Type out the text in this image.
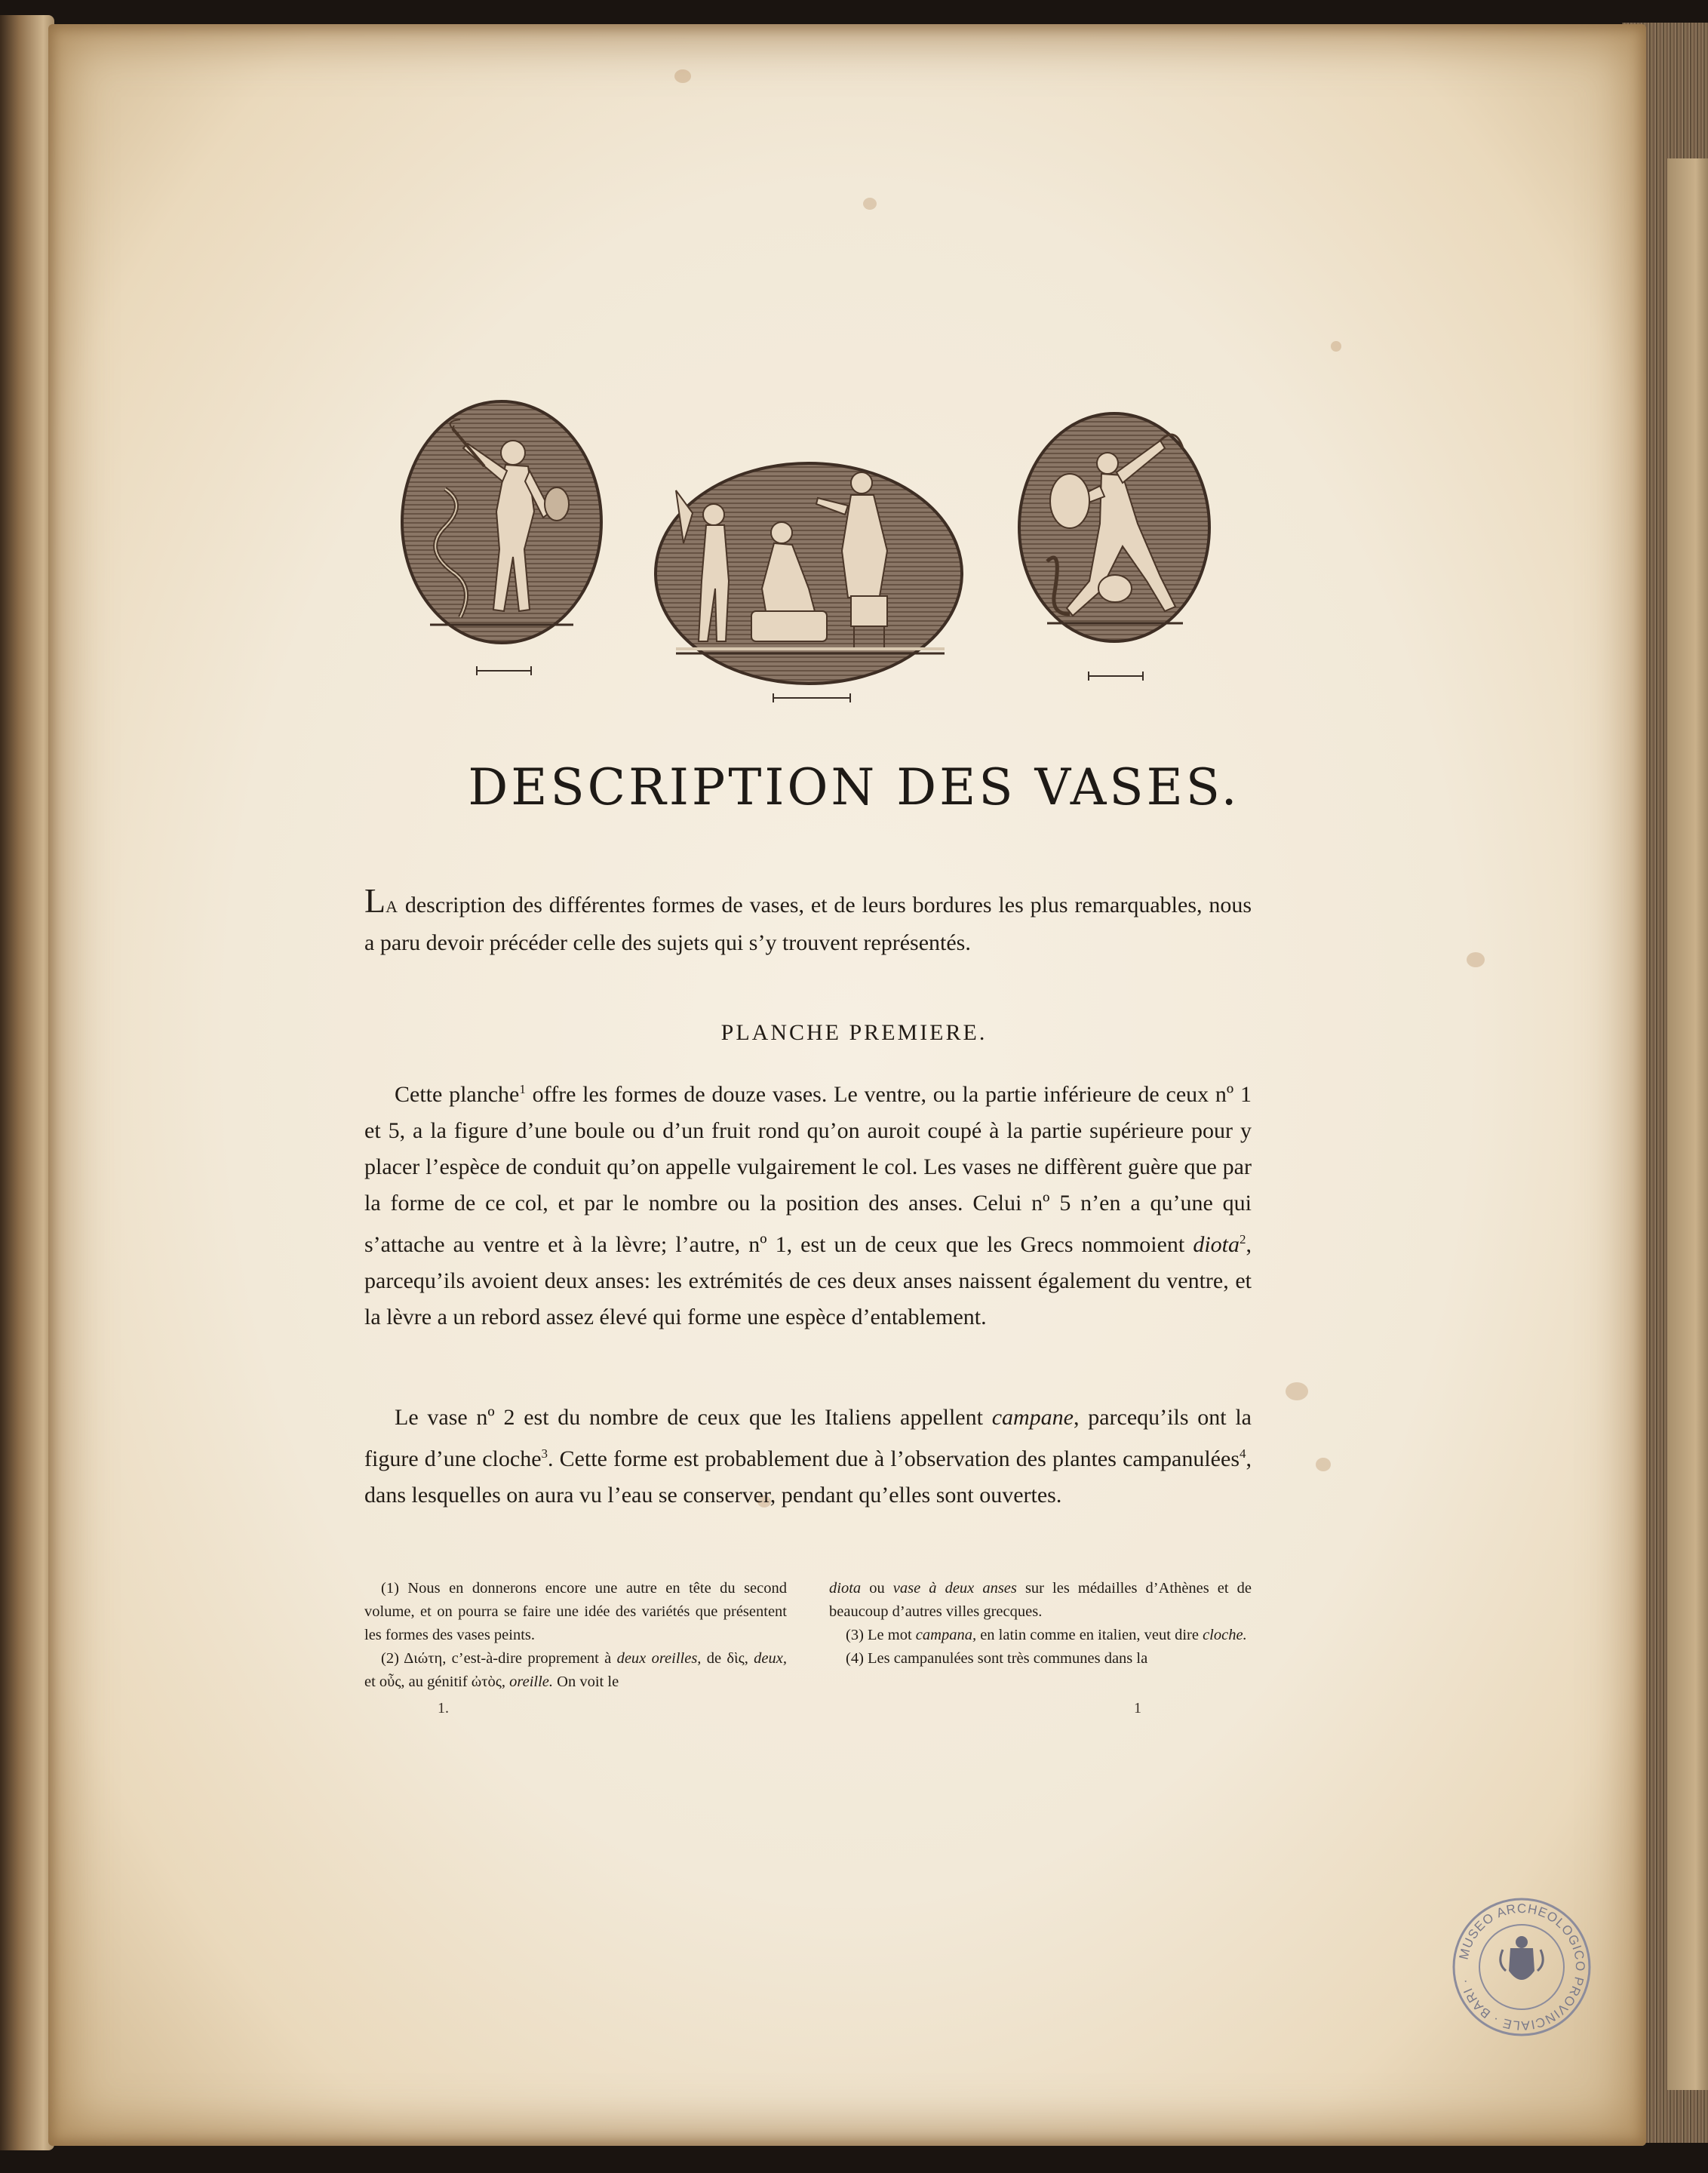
DESCRIPTION DES VASES.
LA description des différentes formes de vases, et de leurs bordures les plus remarquables, nous a paru devoir précéder celle des sujets qui s’y trouvent représentés.
PLANCHE PREMIERE.
Cette planche$^1$ offre les formes de douze vases. Le ventre, ou la partie inférieure de ceux nº 1 et 5, a la figure d’une boule ou d’un fruit rond qu’on auroit coupé à la partie supérieure pour y placer l’espèce de conduit qu’on appelle vulgairement le col. Les vases ne diffèrent guère que par la forme de ce col, et par le nombre ou la position des anses. Celui nº 5 n’en a qu’une qui s’attache au ventre et à la lèvre; l’autre, nº 1, est un de ceux que les Grecs nommoient diota$^2$, parcequ’ils avoient deux anses: les extrémités de ces deux anses naissent également du ventre, et la lèvre a un rebord assez élevé qui forme une espèce d’entablement.
Le vase nº 2 est du nombre de ceux que les Italiens appellent campane, parcequ’ils ont la figure d’une cloche$^3$. Cette forme est probablement due à l’observation des plantes campanulées$^4$, dans lesquelles on aura vu l’eau se conserver, pendant qu’elles sont ouvertes.

(1) Nous en donnerons encore une autre en tête du second volume, et on pourra se faire une idée des variétés que présentent les formes des vases peints.

(2) Διώτη, c’est-à-dire proprement à deux oreilles, de δὶς, deux, et οὖς, au génitif ὠτὸς, oreille. On voit le

diota ou vase à deux anses sur les médailles d’Athènes et de beaucoup d’autres villes grecques.

(3) Le mot campana, en latin comme en italien, veut dire cloche.

(4) Les campanulées sont très communes dans la

1.	1
MUSEO ARCHEOLOGICO PROVINCIALE · BARI ·
